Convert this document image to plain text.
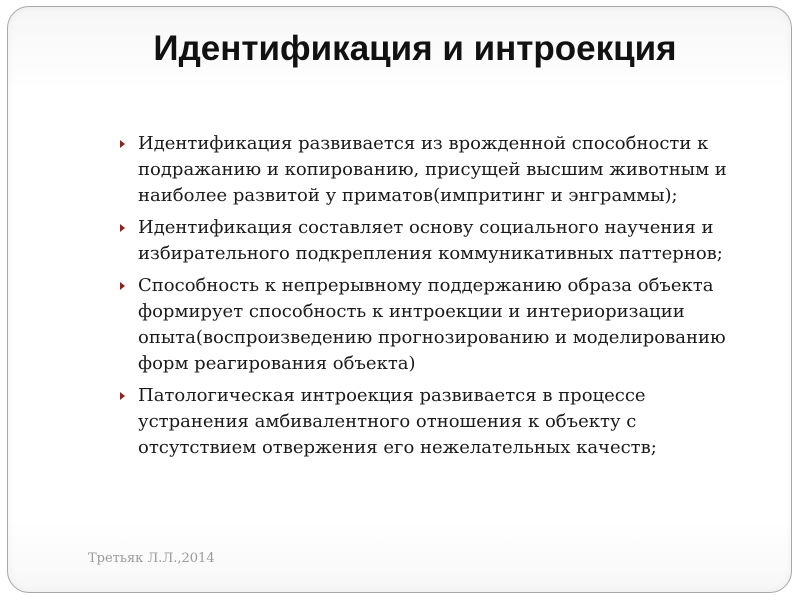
Идентификация и интроекция
Идентификация развивается из врожденной способности к подражанию и копированию, присущей высшим животным и наиболее развитой у приматов(импритинг и энграммы);
Идентификация составляет основу социального научения и избирательного подкрепления коммуникативных паттернов;
Способность к непрерывному поддержанию образа объекта формирует способность к интроекции и интериоризации опыта(воспроизведению прогнозированию и моделированию форм реагирования объекта)
Патологическая интроекция развивается в процессе устранения амбивалентного отношения к объекту с отсутствием отвержения его нежелательных качеств;

Третьяк Л.Л.,2014
